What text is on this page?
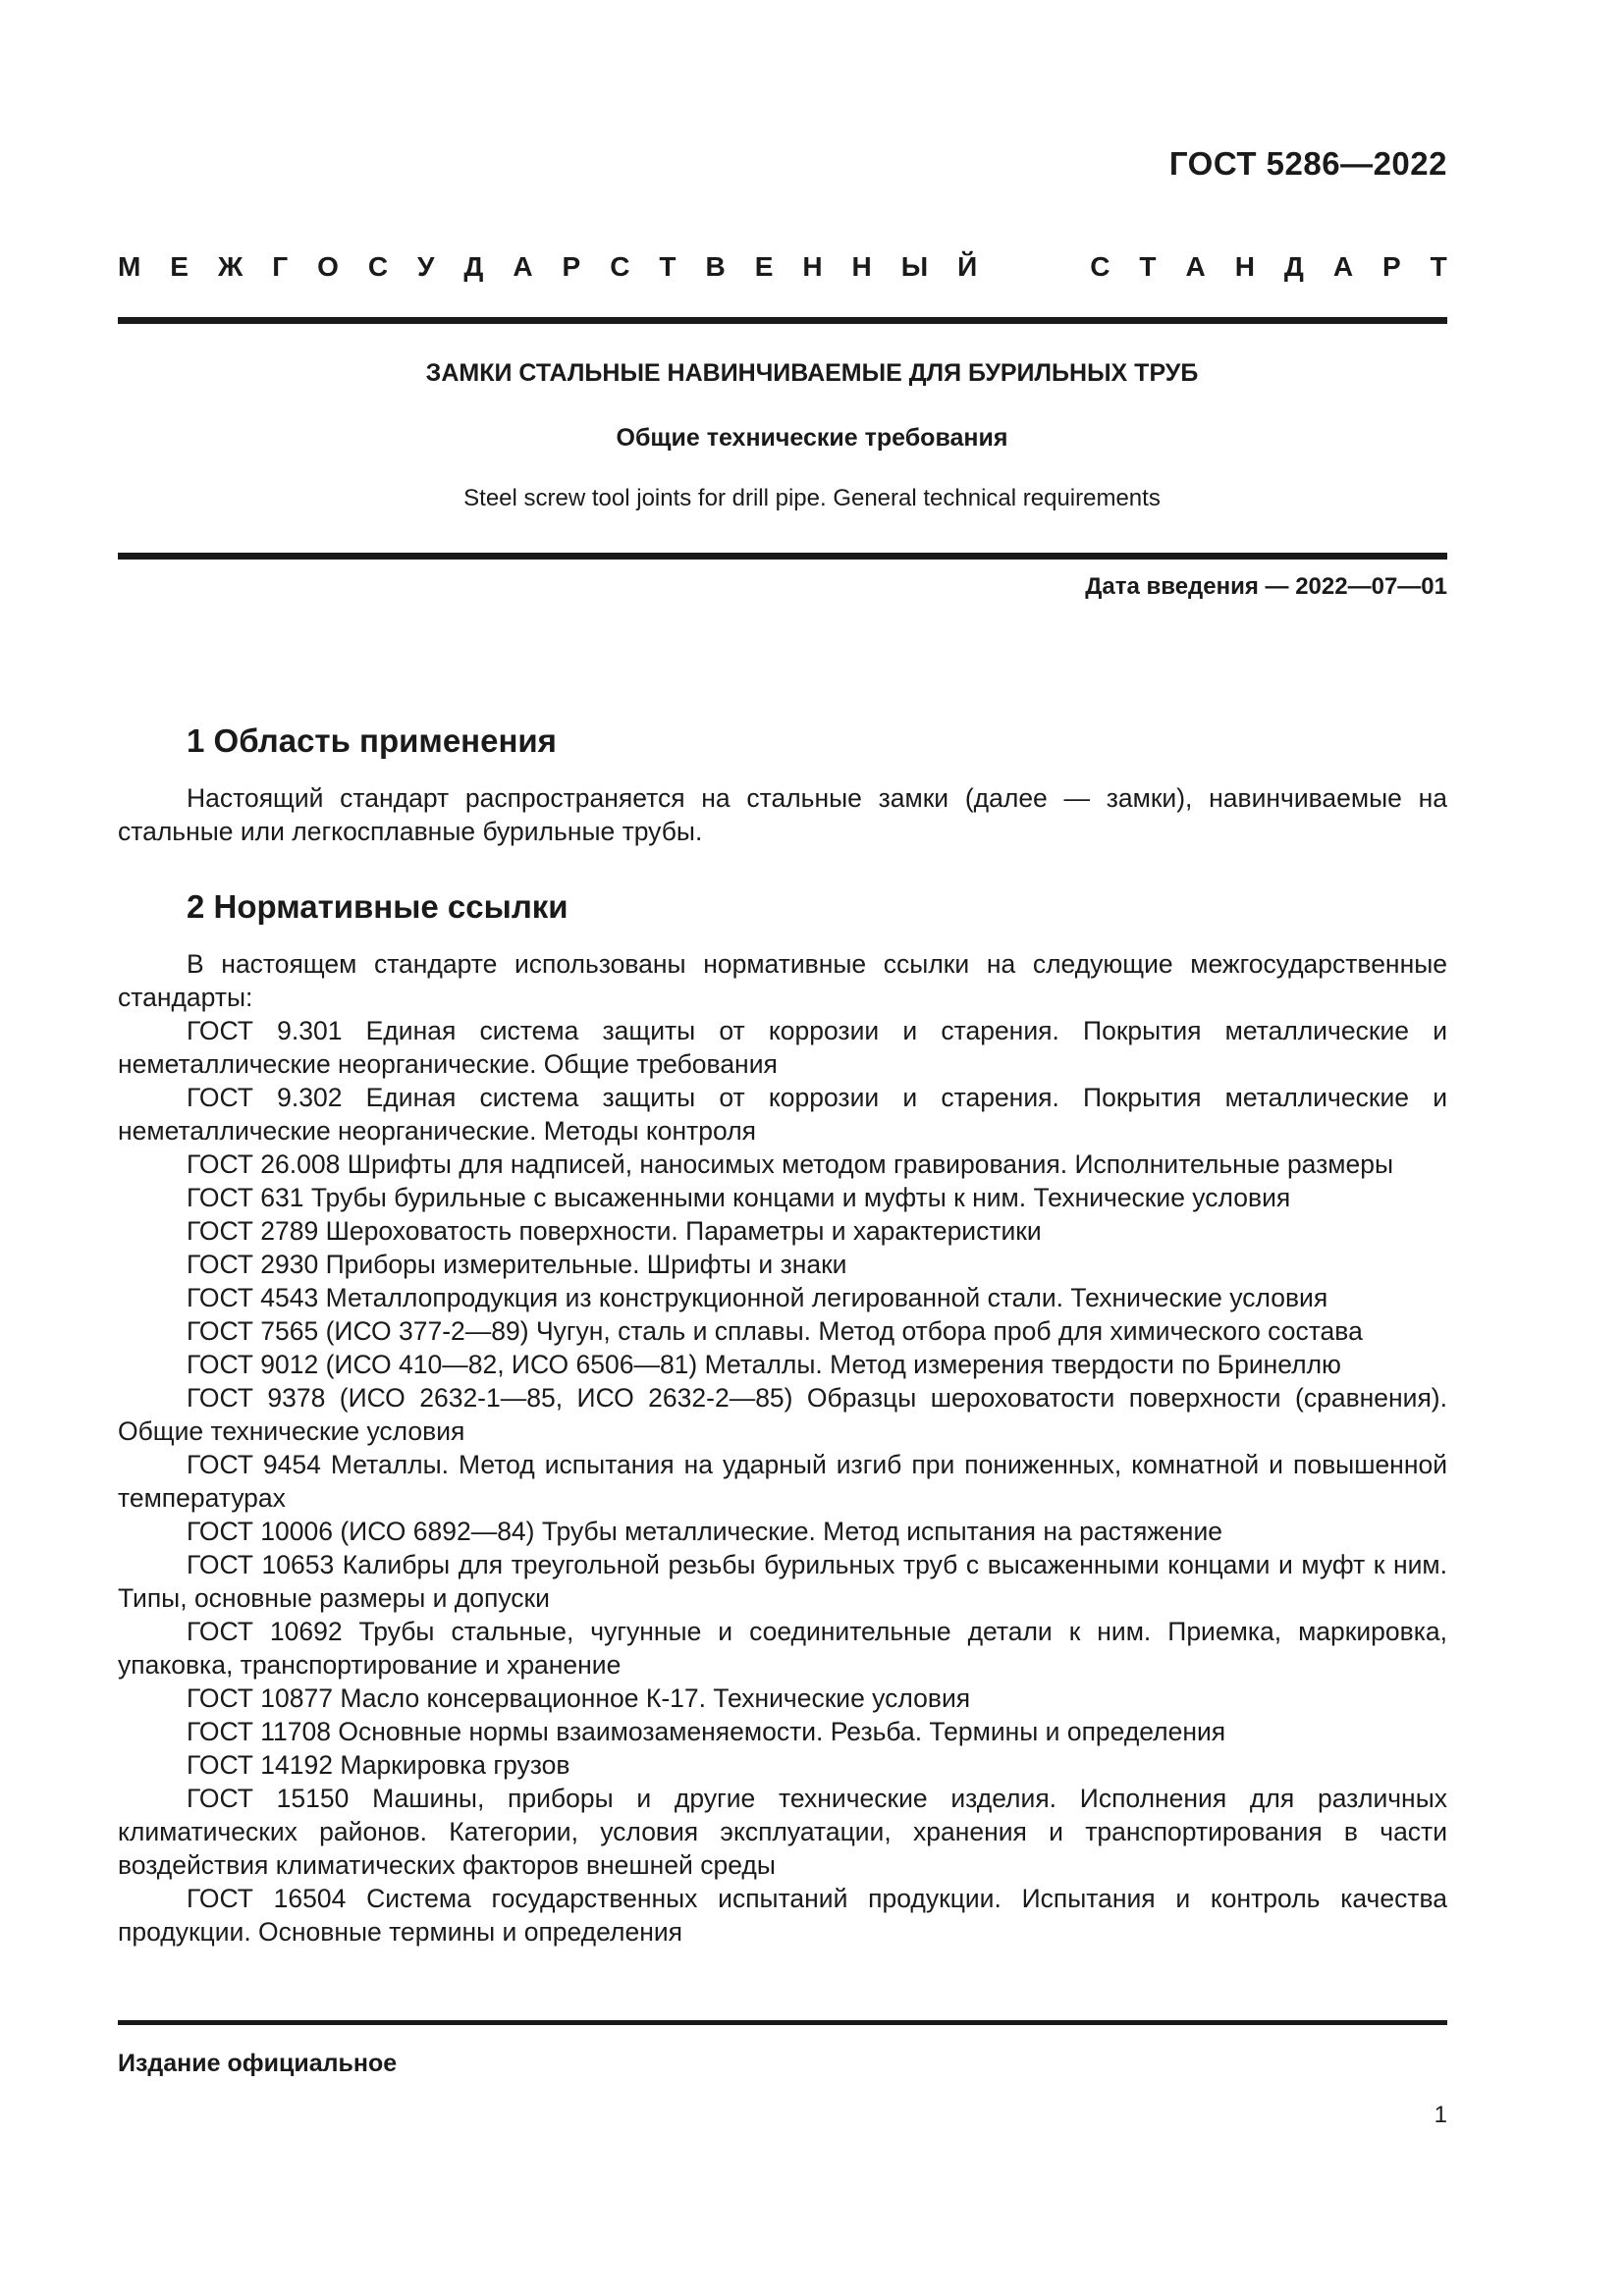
ГОСТ 5286—2022
М Е Ж Г О С У Д А Р С Т В Е Н Н Ы Й	С Т А Н Д А Р Т
ЗАМКИ СТАЛЬНЫЕ НАВИНЧИВАЕМЫЕ ДЛЯ БУРИЛЬНЫХ ТРУБ
Общие технические требования
Steel screw tool joints for drill pipe. General technical requirements
Дата введения — 2022—07—01
1 Область применения

Настоящий стандарт распространяется на стальные замки (далее — замки), навинчиваемые на стальные или легкосплавные бурильные трубы.

2 Нормативные ссылки

В настоящем стандарте использованы нормативные ссылки на следующие межгосударственные стандарты:

ГОСТ 9.301 Единая система защиты от коррозии и старения. Покрытия металлические и неметаллические неорганические. Общие требования

ГОСТ 9.302 Единая система защиты от коррозии и старения. Покрытия металлические и неметаллические неорганические. Методы контроля

ГОСТ 26.008 Шрифты для надписей, наносимых методом гравирования. Исполнительные размеры

ГОСТ 631 Трубы бурильные с высаженными концами и муфты к ним. Технические условия

ГОСТ 2789 Шероховатость поверхности. Параметры и характеристики

ГОСТ 2930 Приборы измерительные. Шрифты и знаки

ГОСТ 4543 Металлопродукция из конструкционной легированной стали. Технические условия

ГОСТ 7565 (ИСО 377-2—89) Чугун, сталь и сплавы. Метод отбора проб для химического состава

ГОСТ 9012 (ИСО 410—82, ИСО 6506—81) Металлы. Метод измерения твердости по Бринеллю

ГОСТ 9378 (ИСО 2632-1—85, ИСО 2632-2—85) Образцы шероховатости поверхности (сравнения). Общие технические условия

ГОСТ 9454 Металлы. Метод испытания на ударный изгиб при пониженных, комнатной и повышенной температурах

ГОСТ 10006 (ИСО 6892—84) Трубы металлические. Метод испытания на растяжение

ГОСТ 10653 Калибры для треугольной резьбы бурильных труб с высаженными концами и муфт к ним. Типы, основные размеры и допуски

ГОСТ 10692 Трубы стальные, чугунные и соединительные детали к ним. Приемка, маркировка, упаковка, транспортирование и хранение

ГОСТ 10877 Масло консервационное К-17. Технические условия

ГОСТ 11708 Основные нормы взаимозаменяемости. Резьба. Термины и определения

ГОСТ 14192 Маркировка грузов

ГОСТ 15150 Машины, приборы и другие технические изделия. Исполнения для различных климатических районов. Категории, условия эксплуатации, хранения и транспортирования в части воздействия климатических факторов внешней среды

ГОСТ 16504 Система государственных испытаний продукции. Испытания и контроль качества продукции. Основные термины и определения

Издание официальное
1
